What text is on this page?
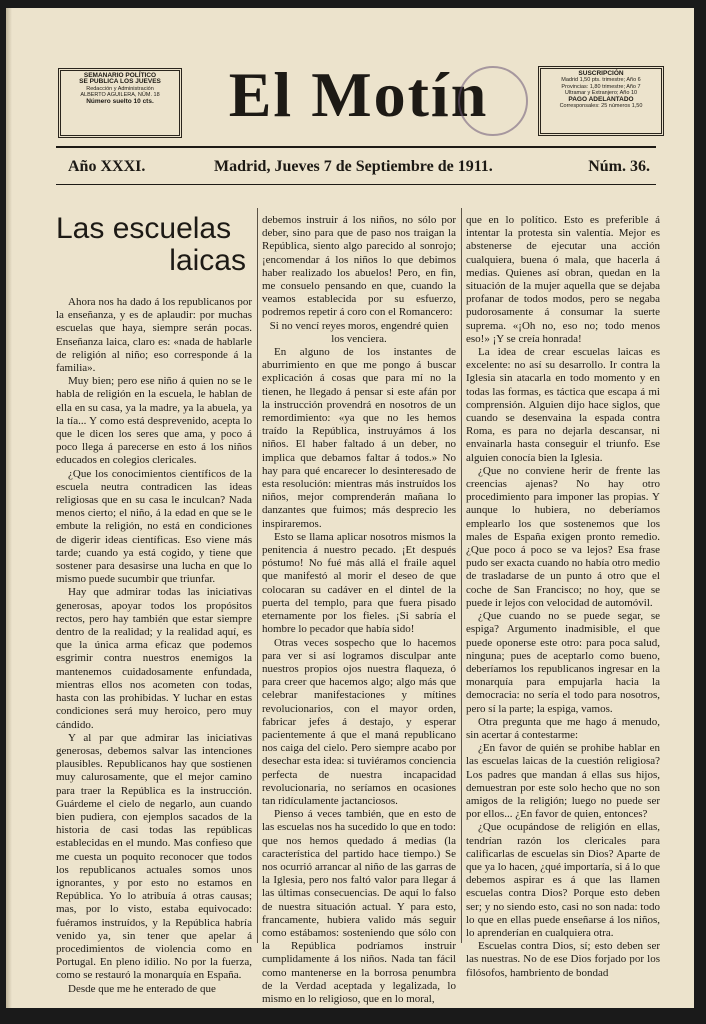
SEMANARIO POLÍTICO
SE PUBLICA LOS JUEVES
Redacción y Administración
ALBERTO AGUILERA, NÚM. 18
Número suelto 10 cts.	El Motín	SUSCRIPCIÓN
Madrid 1,50 pts. trimestre; Año 6
Provincias: 1,80 trimestre; Año 7
Ultramar y Extranjero; Año 10
PAGO ADELANTADO
Corresponsales: 25 números 1,50
Año XXXI.	Madrid, Jueves 7 de Septiembre de 1911.	Núm. 36.
Las escuelas
laicas

Ahora nos ha dado á los republicanos por la enseñanza, y es de aplaudir: por muchas escuelas que haya, siempre serán pocas. Enseñanza laica, claro es: «nada de hablarle de religión al niño; eso corresponde á la familia».

Muy bien; pero ese niño á quien no se le habla de religión en la escuela, le hablan de ella en su casa, ya la madre, ya la abuela, ya la tía... Y como está desprevenido, acepta lo que le dicen los seres que ama, y poco á poco llega á parecerse en esto á los niños educados en colegios clericales.

¿Que los conocimientos científicos de la escuela neutra contradicen las ideas religiosas que en su casa le inculcan? Nada menos cierto; el niño, á la edad en que se le embute la religión, no está en condiciones de digerir ideas científicas. Eso viene más tarde; cuando ya está cogido, y tiene que sostener para desasirse una lucha en que lo mismo puede sucumbir que triunfar.

Hay que admirar todas las iniciativas generosas, apoyar todos los propósitos rectos, pero hay también que estar siempre dentro de la realidad; y la realidad aquí, es que la única arma eficaz que podemos esgrimir contra nuestros enemigos la mantenemos cuidadosamente enfundada, mientras ellos nos acometen con todas, hasta con las prohibidas. Y luchar en estas condiciones será muy heroico, pero muy cándido.

Y al par que admirar las iniciativas generosas, debemos salvar las intenciones plausibles. Republicanos hay que sostienen muy calurosamente, que el mejor camino para traer la República es la instrucción. Guárdeme el cielo de negarlo, aun cuando bien pudiera, con ejemplos sacados de la historia de casi todas las repúblicas establecidas en el mundo. Mas confieso que me cuesta un poquito reconocer que todos los republicanos actuales somos unos ignorantes, y por esto no estamos en República. Yo lo atribuía á otras causas; mas, por lo visto, estaba equivocado: fuéramos instruídos, y la República habría venido ya, sin tener que apelar á procedimientos de violencia como en Portugal. En pleno idilio. No por la fuerza, como se restauró la monarquía en España.

Desde que me he enterado de que

debemos instruir á los niños, no sólo por deber, sino para que de paso nos traigan la República, siento algo parecido al sonrojo; ¡encomendar á los niños lo que debimos haber realizado los abuelos! Pero, en fin, me consuelo pensando en que, cuando la veamos establecida por su esfuerzo, podremos repetir á coro con el Romancero:

Si no vencí reyes moros, engendré quien los venciera.

En alguno de los instantes de aburrimiento en que me pongo á buscar explicación á cosas que para mí no la tienen, he llegado á pensar si este afán por la instrucción provendrá en nosotros de un remordimiento: «ya que no les hemos traído la República, instruyámos á los niños. El haber faltado á un deber, no implica que debamos faltar á todos.» No hay para qué encarecer lo desinteresado de esta resolución: mientras más instruídos los niños, mejor comprenderán mañana lo danzantes que fuimos; más desprecio les inspiraremos.

Esto se llama aplicar nosotros mismos la penitencia á nuestro pecado. ¡Et después póstumo! No fué más allá el fraile aquel que manifestó al morir el deseo de que colocaran su cadáver en el dintel de la puerta del templo, para que fuera pisado eternamente por los fieles. ¡Si sabría el hombre lo pecador que había sido!

Otras veces sospecho que lo hacemos para ver si así logramos disculpar ante nuestros propios ojos nuestra flaqueza, ó para creer que hacemos algo; algo más que celebrar manifestaciones y mítines revolucionarios, con el mayor orden, fabricar jefes á destajo, y esperar pacientemente á que el maná republicano nos caiga del cielo. Pero siempre acabo por desechar esta idea: si tuviéramos conciencia perfecta de nuestra incapacidad revolucionaria, no seríamos en ocasiones tan ridículamente jactanciosos.

Pienso á veces también, que en esto de las escuelas nos ha sucedido lo que en todo: que nos hemos quedado á medias (la característica del partido hace tiempo.) Se nos ocurrió arrancar al niño de las garras de la Iglesia, pero nos faltó valor para llegar á las últimas consecuencias. De aquí lo falso de nuestra situación actual. Y para esto, francamente, hubiera valido más seguir como estábamos: sosteniendo que sólo con la República podríamos instruir cumplidamente á los niños. Nada tan fácil como mantenerse en la borrosa penumbra de la Verdad aceptada y legalizada, lo mismo en lo religioso, que en lo moral,

que en lo político. Esto es preferible á intentar la protesta sin valentía. Mejor es abstenerse de ejecutar una acción cualquiera, buena ó mala, que hacerla á medias. Quienes así obran, quedan en la situación de la mujer aquella que se dejaba profanar de todos modos, pero se negaba pudorosamente á consumar la suerte suprema. «¡Oh no, eso no; todo menos eso!» ¡Y se creía honrada!

La idea de crear escuelas laicas es excelente: no así su desarrollo. Ir contra la Iglesia sin atacarla en todo momento y en todas las formas, es táctica que escapa á mi comprensión. Alguien dijo hace siglos, que cuando se desenvaina la espada contra Roma, es para no dejarla descansar, ni envainarla hasta conseguir el triunfo. Ese alguien conocía bien la Iglesia.

¿Que no conviene herir de frente las creencias ajenas? No hay otro procedimiento para imponer las propias. Y aunque lo hubiera, no deberíamos emplearlo los que sostenemos que los males de España exigen pronto remedio. ¿Que poco á poco se va lejos? Esa frase pudo ser exacta cuando no había otro medio de trasladarse de un punto á otro que el coche de San Francisco; no hoy, que se puede ir lejos con velocidad de automóvil.

¿Que cuando no se puede segar, se espiga? Argumento inadmisible, el que puede oponerse este otro: para poca salud, ninguna; pues de aceptarlo como bueno, deberíamos los republicanos ingresar en la monarquía para empujarla hacia la democracia: no sería el todo para nosotros, pero sí la parte; la espiga, vamos.

Otra pregunta que me hago á menudo, sin acertar á contestarme:

¿En favor de quién se prohibe hablar en las escuelas laicas de la cuestión religiosa? Los padres que mandan á ellas sus hijos, demuestran por este solo hecho que no son amigos de la religión; luego no puede ser por ellos... ¿En favor de quien, entonces?

¿Que ocupándose de religión en ellas, tendrían razón los clericales para calificarlas de escuelas sin Dios? Aparte de que ya lo hacen, ¿qué importaría, si á lo que debemos aspirar es á que las llamen escuelas contra Dios? Porque esto deben ser; y no siendo esto, casi no son nada: todo lo que en ellas puede enseñarse á los niños, lo aprenderían en cualquiera otra.

Escuelas contra Dios, sí; esto deben ser las nuestras. No de ese Dios forjado por los filósofos, hambriento de bondad
